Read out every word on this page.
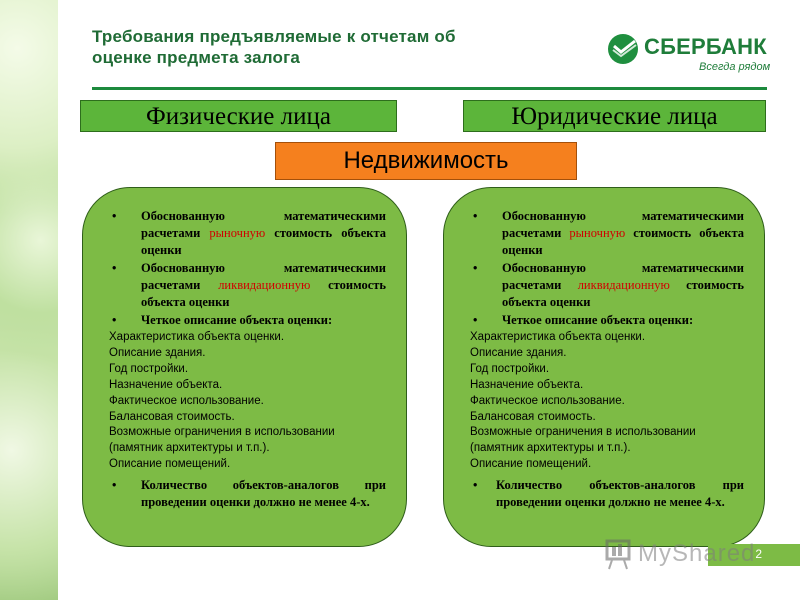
Требования предъявляемые к отчетам об
оценке предмета залога	СБЕРБАНК
Всегда рядом
Физические лица	Юридические лица
Недвижимость
• Обоснованную математическими расчетами рыночную стоимость объекта оценки
• Обоснованную математическими расчетами ликвидационную стоимость объекта оценки
• Четкое описание объекта оценки:
Характеристика объекта оценки.
Описание здания.
Год постройки.
Назначение объекта.
Фактическое использование.
Балансовая стоимость.
Возможные ограничения в использовании
(памятник архитектуры и т.п.).
Описание помещений.
• Количество объектов-аналогов при проведении оценки должно не менее 4-х.
• Обоснованную математическими расчетами рыночную стоимость объекта оценки
• Обоснованную математическими расчетами ликвидационную стоимость объекта оценки
• Четкое описание объекта оценки:
Характеристика объекта оценки.
Описание здания.
Год постройки.
Назначение объекта.
Фактическое использование.
Балансовая стоимость.
Возможные ограничения в использовании
(памятник архитектуры и т.п.).
Описание помещений.
• Количество объектов-аналогов при проведении оценки должно не менее 4-х.
2
MyShared
